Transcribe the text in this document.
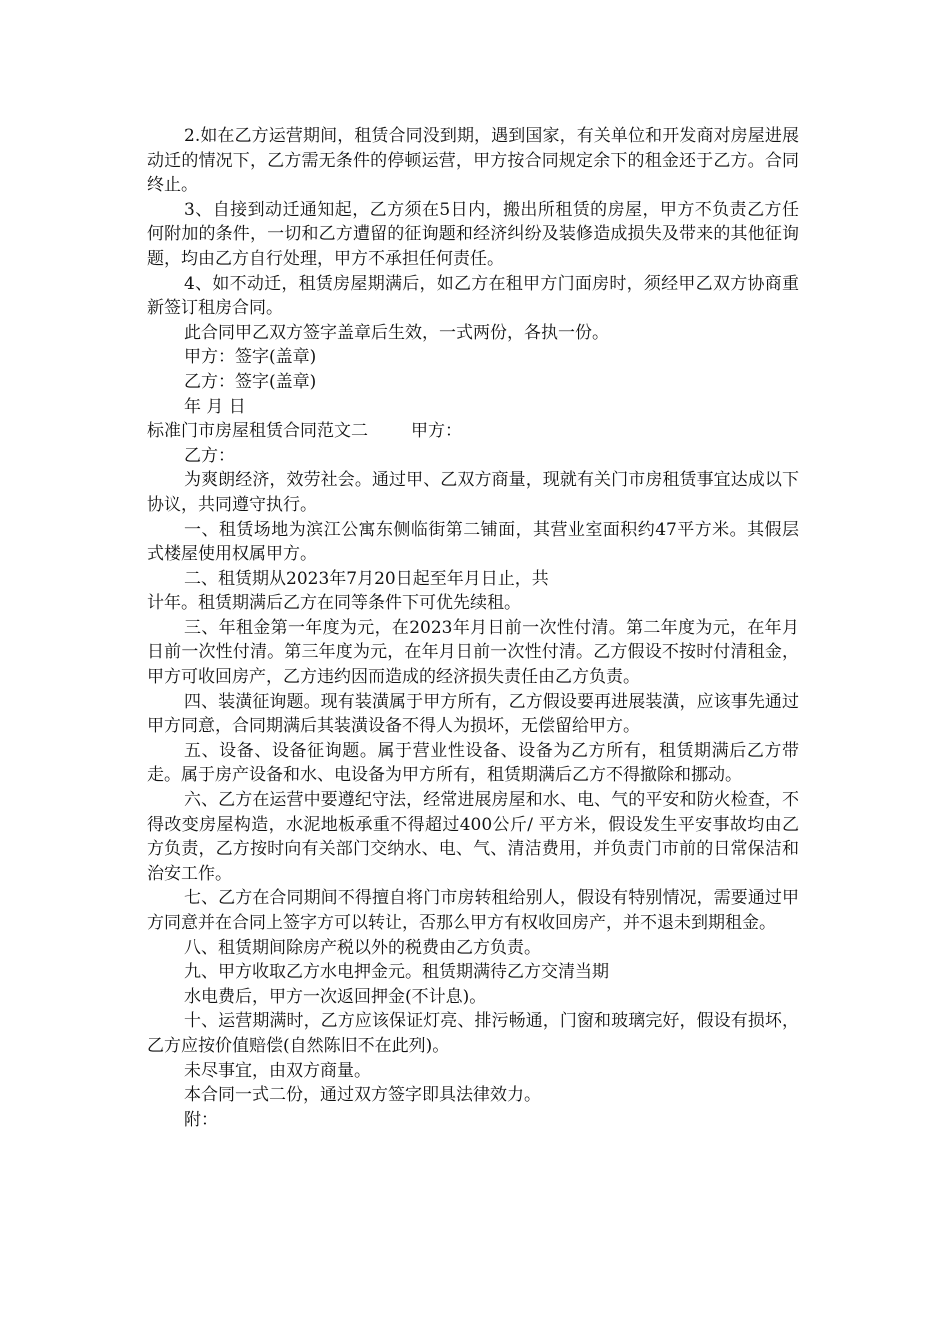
2.如在乙方运营期间，租赁合同没到期，遇到国家，有关单位和开发商对房屋进展动迁的情况下，乙方需无条件的停顿运营，甲方按合同规定余下的租金还于乙方。合同终止。

3、自接到动迁通知起，乙方须在5日内，搬出所租赁的房屋，甲方不负责乙方任何附加的条件，一切和乙方遭留的征询题和经济纠纷及装修造成损失及带来的其他征询题，均由乙方自行处理，甲方不承担任何责任。

4、如不动迁，租赁房屋期满后，如乙方在租甲方门面房时，须经甲乙双方协商重新签订租房合同。

此合同甲乙双方签字盖章后生效，一式两份，各执一份。

甲方：签字(盖章)

乙方：签字(盖章)

年 月 日

标准门市房屋租赁合同范文二	甲方：

乙方：

为爽朗经济，效劳社会。通过甲、乙双方商量，现就有关门市房租赁事宜达成以下协议，共同遵守执行。

一、租赁场地为滨江公寓东侧临街第二铺面，其营业室面积约47平方米。其假层式楼屋使用权属甲方。

二、租赁期从2023年7月20日起至年月日止，共

计年。租赁期满后乙方在同等条件下可优先续租。

三、年租金第一年度为元，在2023年月日前一次性付清。第二年度为元，在年月日前一次性付清。第三年度为元，在年月日前一次性付清。乙方假设不按时付清租金，甲方可收回房产，乙方违约因而造成的经济损失责任由乙方负责。

四、装潢征询题。现有装潢属于甲方所有，乙方假设要再进展装潢，应该事先通过甲方同意，合同期满后其装潢设备不得人为损坏，无偿留给甲方。

五、设备、设备征询题。属于营业性设备、设备为乙方所有，租赁期满后乙方带走。属于房产设备和水、电设备为甲方所有，租赁期满后乙方不得撤除和挪动。

六、乙方在运营中要遵纪守法，经常进展房屋和水、电、气的平安和防火检查，不得改变房屋构造，水泥地板承重不得超过400公斤/ 平方米，假设发生平安事故均由乙方负责，乙方按时向有关部门交纳水、电、气、清洁费用，并负责门市前的日常保洁和治安工作。

七、乙方在合同期间不得擅自将门市房转租给别人，假设有特别情况，需要通过甲方同意并在合同上签字方可以转让，否那么甲方有权收回房产，并不退未到期租金。

八、租赁期间除房产税以外的税费由乙方负责。

九、甲方收取乙方水电押金元。租赁期满待乙方交清当期

水电费后，甲方一次返回押金(不计息)。

十、运营期满时，乙方应该保证灯亮、排污畅通，门窗和玻璃完好，假设有损坏，乙方应按价值赔偿(自然陈旧不在此列)。

未尽事宜，由双方商量。

本合同一式二份，通过双方签字即具法律效力。

附：
